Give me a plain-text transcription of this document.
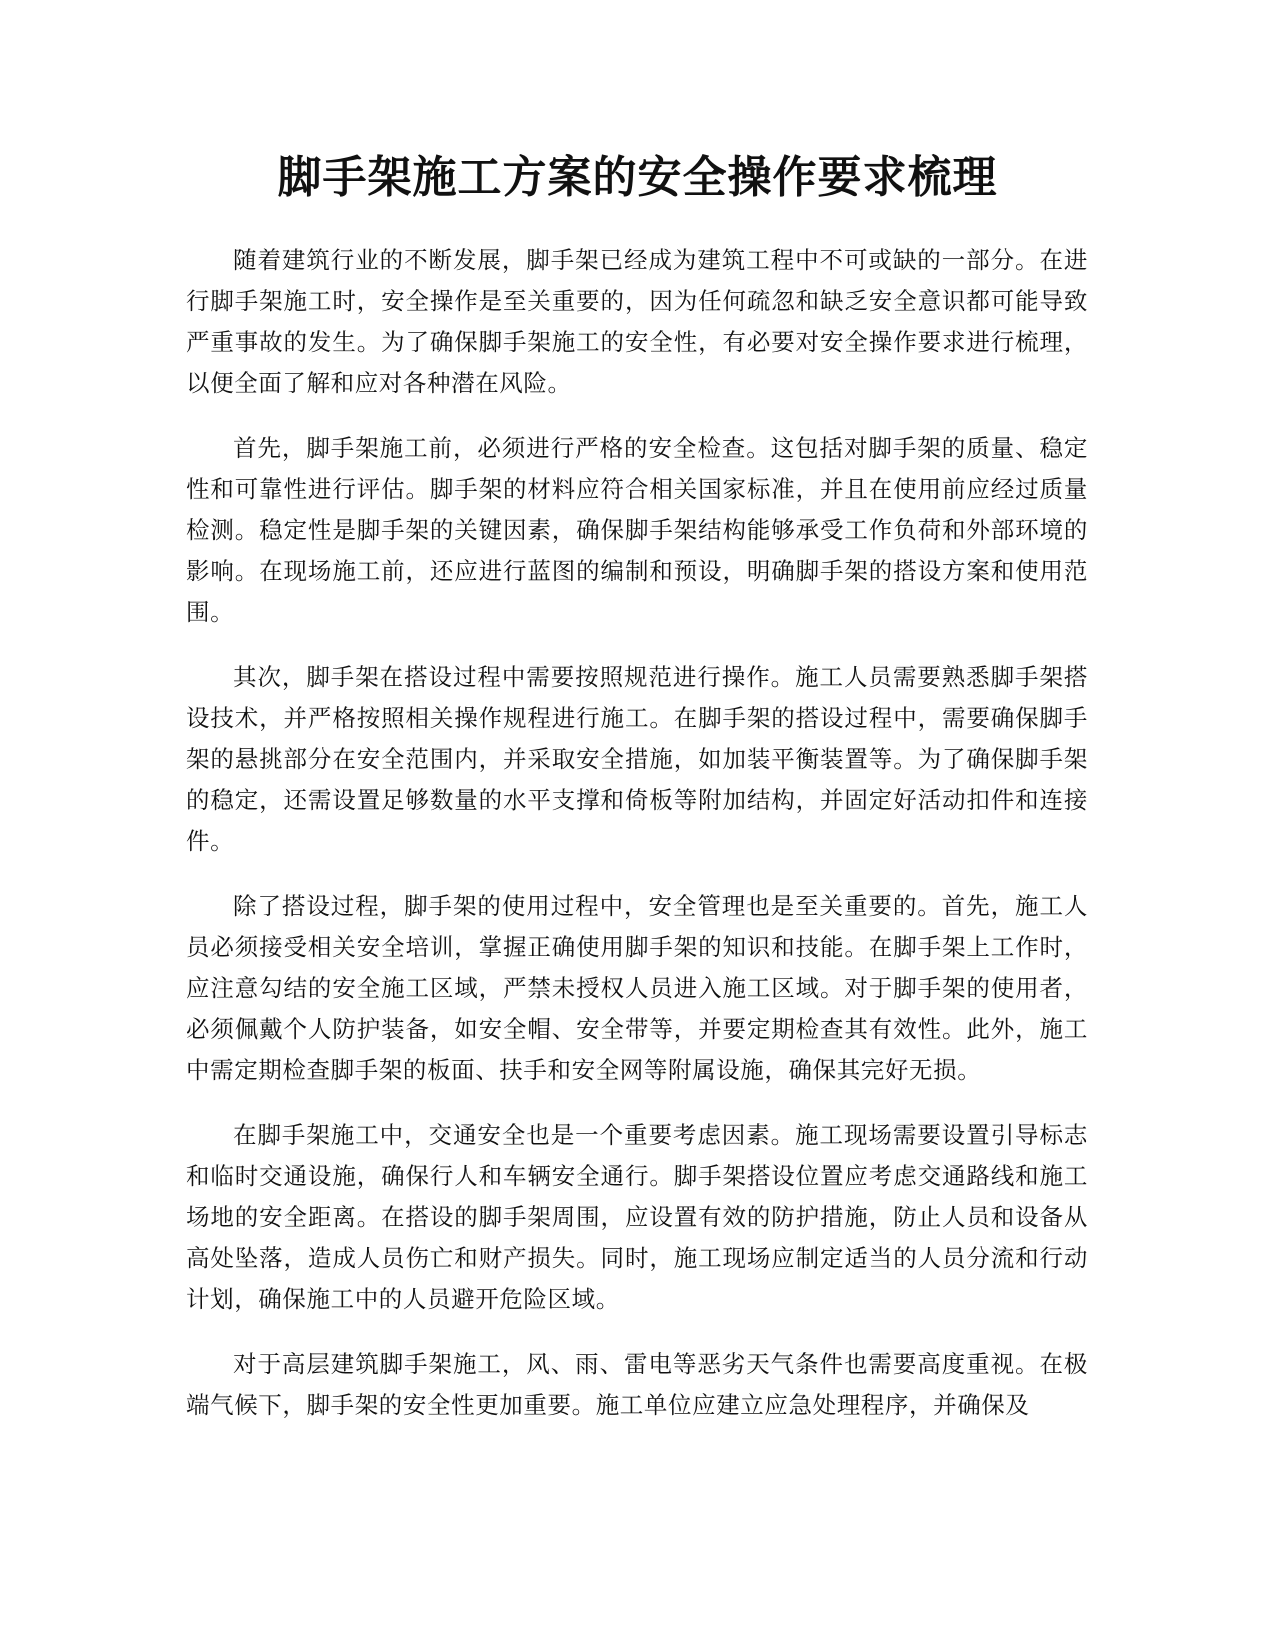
脚手架施工方案的安全操作要求梳理

随着建筑行业的不断发展，脚手架已经成为建筑工程中不可或缺的一部分。在进行脚手架施工时，安全操作是至关重要的，因为任何疏忽和缺乏安全意识都可能导致严重事故的发生。为了确保脚手架施工的安全性，有必要对安全操作要求进行梳理，以便全面了解和应对各种潜在风险。

首先，脚手架施工前，必须进行严格的安全检查。这包括对脚手架的质量、稳定性和可靠性进行评估。脚手架的材料应符合相关国家标准，并且在使用前应经过质量检测。稳定性是脚手架的关键因素，确保脚手架结构能够承受工作负荷和外部环境的影响。在现场施工前，还应进行蓝图的编制和预设，明确脚手架的搭设方案和使用范围。

其次，脚手架在搭设过程中需要按照规范进行操作。施工人员需要熟悉脚手架搭设技术，并严格按照相关操作规程进行施工。在脚手架的搭设过程中，需要确保脚手架的悬挑部分在安全范围内，并采取安全措施，如加装平衡装置等。为了确保脚手架的稳定，还需设置足够数量的水平支撑和倚板等附加结构，并固定好活动扣件和连接件。

除了搭设过程，脚手架的使用过程中，安全管理也是至关重要的。首先，施工人员必须接受相关安全培训，掌握正确使用脚手架的知识和技能。在脚手架上工作时，应注意勾结的安全施工区域，严禁未授权人员进入施工区域。对于脚手架的使用者，必须佩戴个人防护装备，如安全帽、安全带等，并要定期检查其有效性。此外，施工中需定期检查脚手架的板面、扶手和安全网等附属设施，确保其完好无损。

在脚手架施工中，交通安全也是一个重要考虑因素。施工现场需要设置引导标志和临时交通设施，确保行人和车辆安全通行。脚手架搭设位置应考虑交通路线和施工场地的安全距离。在搭设的脚手架周围，应设置有效的防护措施，防止人员和设备从高处坠落，造成人员伤亡和财产损失。同时，施工现场应制定适当的人员分流和行动计划，确保施工中的人员避开危险区域。

对于高层建筑脚手架施工，风、雨、雷电等恶劣天气条件也需要高度重视。在极端气候下，脚手架的安全性更加重要。施工单位应建立应急处理程序，并确保及
